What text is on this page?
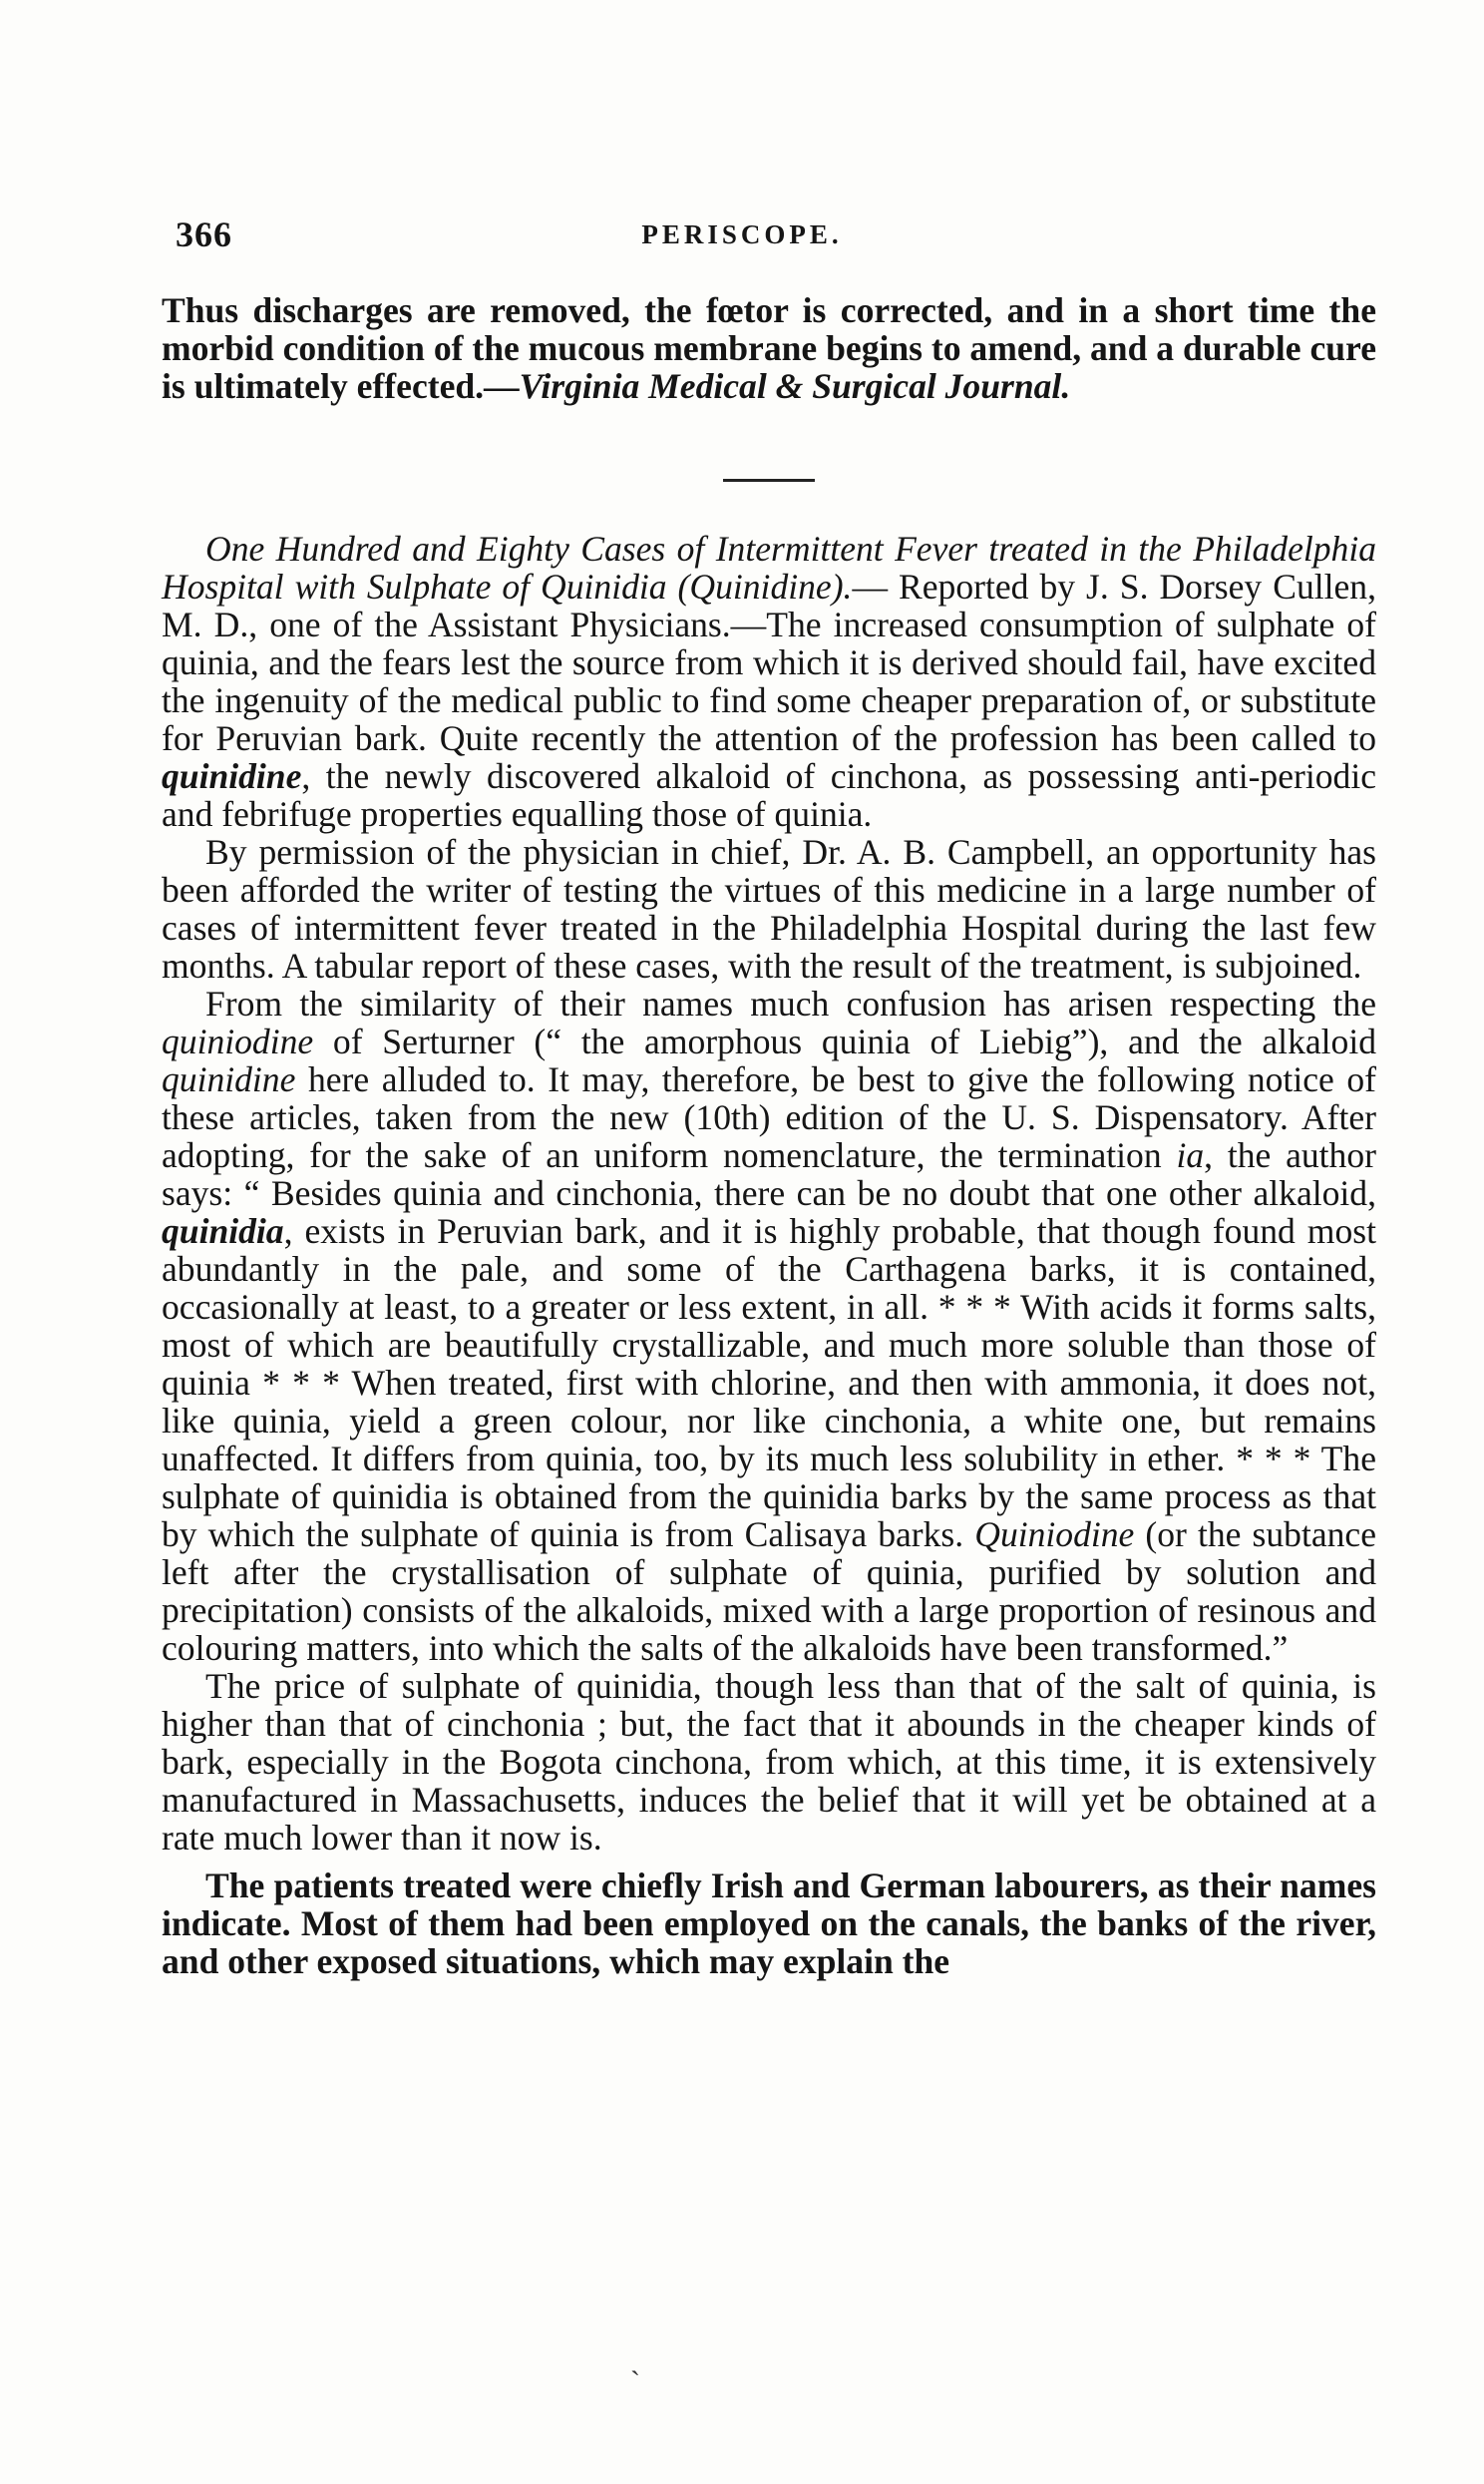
366	PERISCOPE.

Thus discharges are removed, the fœtor is corrected, and in a short time the morbid condition of the mucous membrane begins to amend, and a durable cure is ultimately effected.—Virginia Medical & Surgical Journal.

One Hundred and Eighty Cases of Intermittent Fever treated in the Philadelphia Hospital with Sulphate of Quinidia (Quinidine).— Reported by J. S. Dorsey Cullen, M. D., one of the Assistant Physicians.—The increased consumption of sulphate of quinia, and the fears lest the source from which it is derived should fail, have excited the ingenuity of the medical public to find some cheaper preparation of, or substitute for Peruvian bark. Quite recently the attention of the profession has been called to quinidine, the newly discovered alkaloid of cinchona, as possessing anti-periodic and febrifuge properties equalling those of quinia.

By permission of the physician in chief, Dr. A. B. Campbell, an opportunity has been afforded the writer of testing the virtues of this medicine in a large number of cases of intermittent fever treated in the Philadelphia Hospital during the last few months. A tabular report of these cases, with the result of the treatment, is subjoined.

From the similarity of their names much confusion has arisen respecting the quiniodine of Serturner (“ the amorphous quinia of Liebig”), and the alkaloid quinidine here alluded to. It may, therefore, be best to give the following notice of these articles, taken from the new (10th) edition of the U. S. Dispensatory. After adopting, for the sake of an uniform nomenclature, the termination ia, the author says: “ Besides quinia and cinchonia, there can be no doubt that one other alkaloid, quinidia, exists in Peruvian bark, and it is highly probable, that though found most abundantly in the pale, and some of the Carthagena barks, it is contained, occasionally at least, to a greater or less extent, in all. * * * With acids it forms salts, most of which are beautifully crystallizable, and much more soluble than those of quinia * * * When treated, first with chlorine, and then with ammonia, it does not, like quinia, yield a green colour, nor like cinchonia, a white one, but remains unaffected. It differs from quinia, too, by its much less solubility in ether. * * * The sulphate of quinidia is obtained from the quinidia barks by the same process as that by which the sulphate of quinia is from Calisaya barks. Quiniodine (or the subtance left after the crystallisation of sulphate of quinia, purified by solution and precipitation) consists of the alkaloids, mixed with a large proportion of resinous and colouring matters, into which the salts of the alkaloids have been transformed.”

The price of sulphate of quinidia, though less than that of the salt of quinia, is higher than that of cinchonia ; but, the fact that it abounds in the cheaper kinds of bark, especially in the Bogota cinchona, from which, at this time, it is extensively manufactured in Massachusetts, induces the belief that it will yet be obtained at a rate much lower than it now is.

The patients treated were chiefly Irish and German labourers, as their names indicate. Most of them had been employed on the canals, the banks of the river, and other exposed situations, which may explain the

˴
